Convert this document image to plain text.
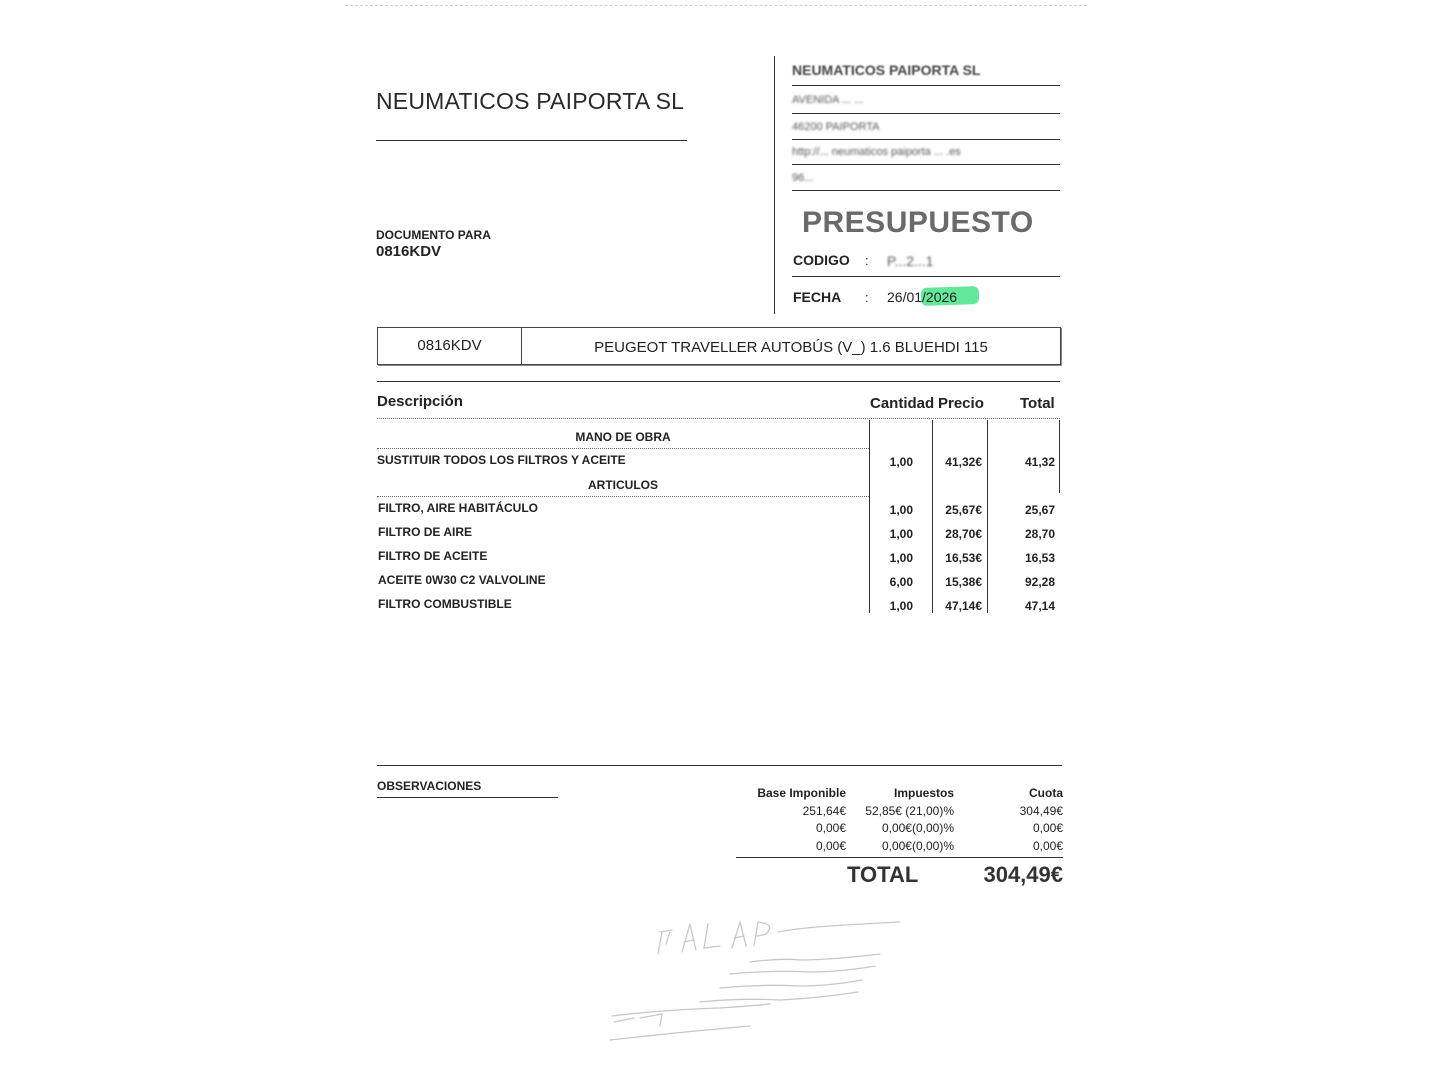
NEUMATICOS PAIPORTA SL
DOCUMENTO PARA
0816KDV
NEUMATICOS PAIPORTA SL
AVENIDA ... ...
46200 PAIPORTA
http://... neumaticos paiporta ... .es
96...
PRESUPUESTO
CODIGO : P...2...1
FECHA : 26/01/2026
0816KDV	PEUGEOT TRAVELLER AUTOBÚS (V_) 1.6 BLUEHDI 115
Descripción	Cantidad Precio Total
MANO DE OBRA
SUSTITUIR TODOS LOS FILTROS Y ACEITE	1,00	41,32€	41,32
ARTICULOS
FILTRO, AIRE HABITÁCULO	1,00	25,67€	25,67
FILTRO DE AIRE	1,00	28,70€	28,70
FILTRO DE ACEITE	1,00	16,53€	16,53
ACEITE 0W30 C2 VALVOLINE	6,00	15,38€	92,28
FILTRO COMBUSTIBLE	1,00	47,14€	47,14
OBSERVACIONES	Base Imponible	Impuestos	Cuota
251,64€	52,85€ (21,00)%	304,49€
0,00€	0,00€(0,00)%	0,00€
0,00€	0,00€(0,00)%	0,00€
TOTAL	304,49€
